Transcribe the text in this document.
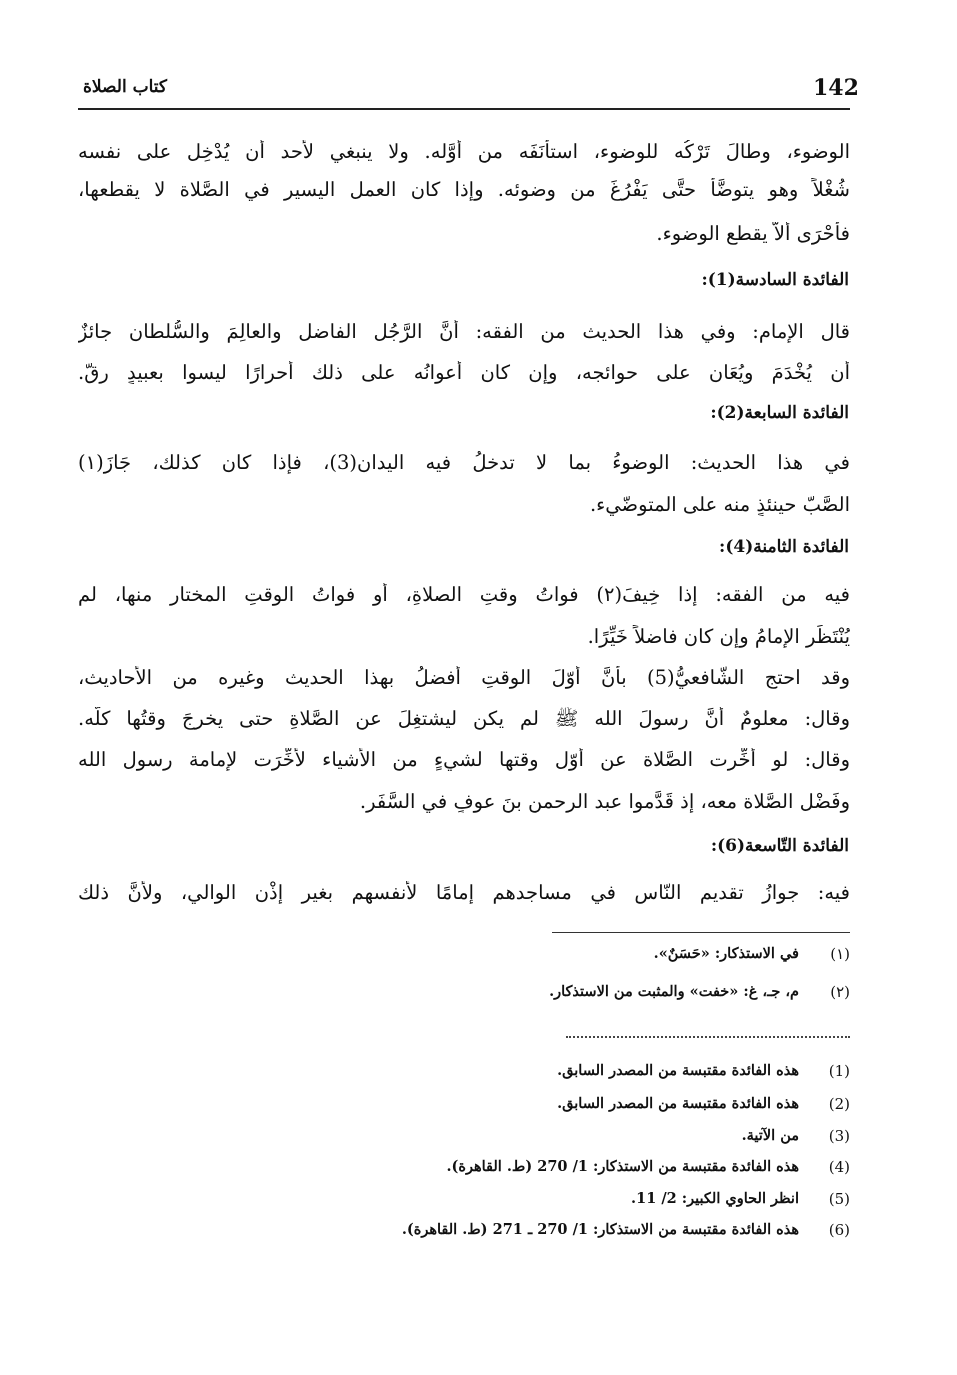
142
كتاب الصلاة
الوضوء، وطالَ تَرْكُه للوضوء، استأْنَفَه من أَوَّله. ولا ينبغي لأحد أن يُدْخِل على نفسه
شُغْلاً وهو يتوضَّأ حتَّى يَفْرُغَ من وضوئه. وإذا كان العمل اليسير في الصَّلاة لا يقطعها،
فأَحْرَى ألاّ يقطع الوضوء.
الفائدة السادسة(1):
قال الإمام: وفي هذا الحديث من الفقه: أنَّ الرَّجُل الفاضل والعالِمَ والسُّلطان جائزٌ
أن يُخْدَمَ ويُعَان على حوائجه، وإن كان أعوانُه على ذلك أحرارًا ليسوا بعبيدٍ رقّ.
الفائدة السابعة(2):
في هذا الحديث: الوضوءُ بما لا تدخلُ فيه اليدانِ(3)، فإذا كان كذلك، جَازَ(١)
الصَّبّ حينئذٍ منه على المتوضّيء.
الفائدة الثامنة(4):
فيه من الفقه: إذا خِيفَ(٢) فواتُ وقتِ الصلاةِ، أو فواتُ الوقتِ المختارِ منها، لم
يُنْتَظَرِ الإمامُ وإن كان فاضلاً خَيِّرًا.
وقد احتج الشّافعيُّ(5) بأنَّ أوّلَ الوقتِ أفضلُ بهذا الحديث وغيرِه من الأحاديث،
وقال: معلومٌ أنَّ رسولَ الله ﷺ لم يكن ليشتغِلَ عن الصَّلاةِ حتى يخرجَ وقتُها كلُّه.
وقال: لو أُخِّرت الصَّلاة عن أوّلِ وقتها لشيءٍ من الأشياء لأُخِّرَت لإمامة رسولِ الله
وفَضْل الصَّلاة معه، إذ قَدَّموا عبد الرحمن بنَ عوفٍ في السَّفَر.
الفائدة التّاسعة(6):
فيه: جوازُ تقديم النّاس في مساجدهم إمامًا لأنفسهم بغير إذْن الوالي، ولأنَّ ذلك
(١)
في الاستذكار: «حَسَنٌ».
(٢)
م، جـ، غ: «خفت» والمثبت من الاستذكار.
(1)
هذه الفائدة مقتبسة من المصدر السابق.
(2)
هذه الفائدة مقتبسة من المصدر السابق.
(3)
من الآتية.
(4)
هذه الفائدة مقتبسة من الاستذكار: 1/ 270 (ط. القاهرة).
(5)
انظر الحاوي الكبير: 2/ 11.
(6)
هذه الفائدة مقتبسة من الاستذكار: 1/ 270 ـ 271 (ط. القاهرة).
